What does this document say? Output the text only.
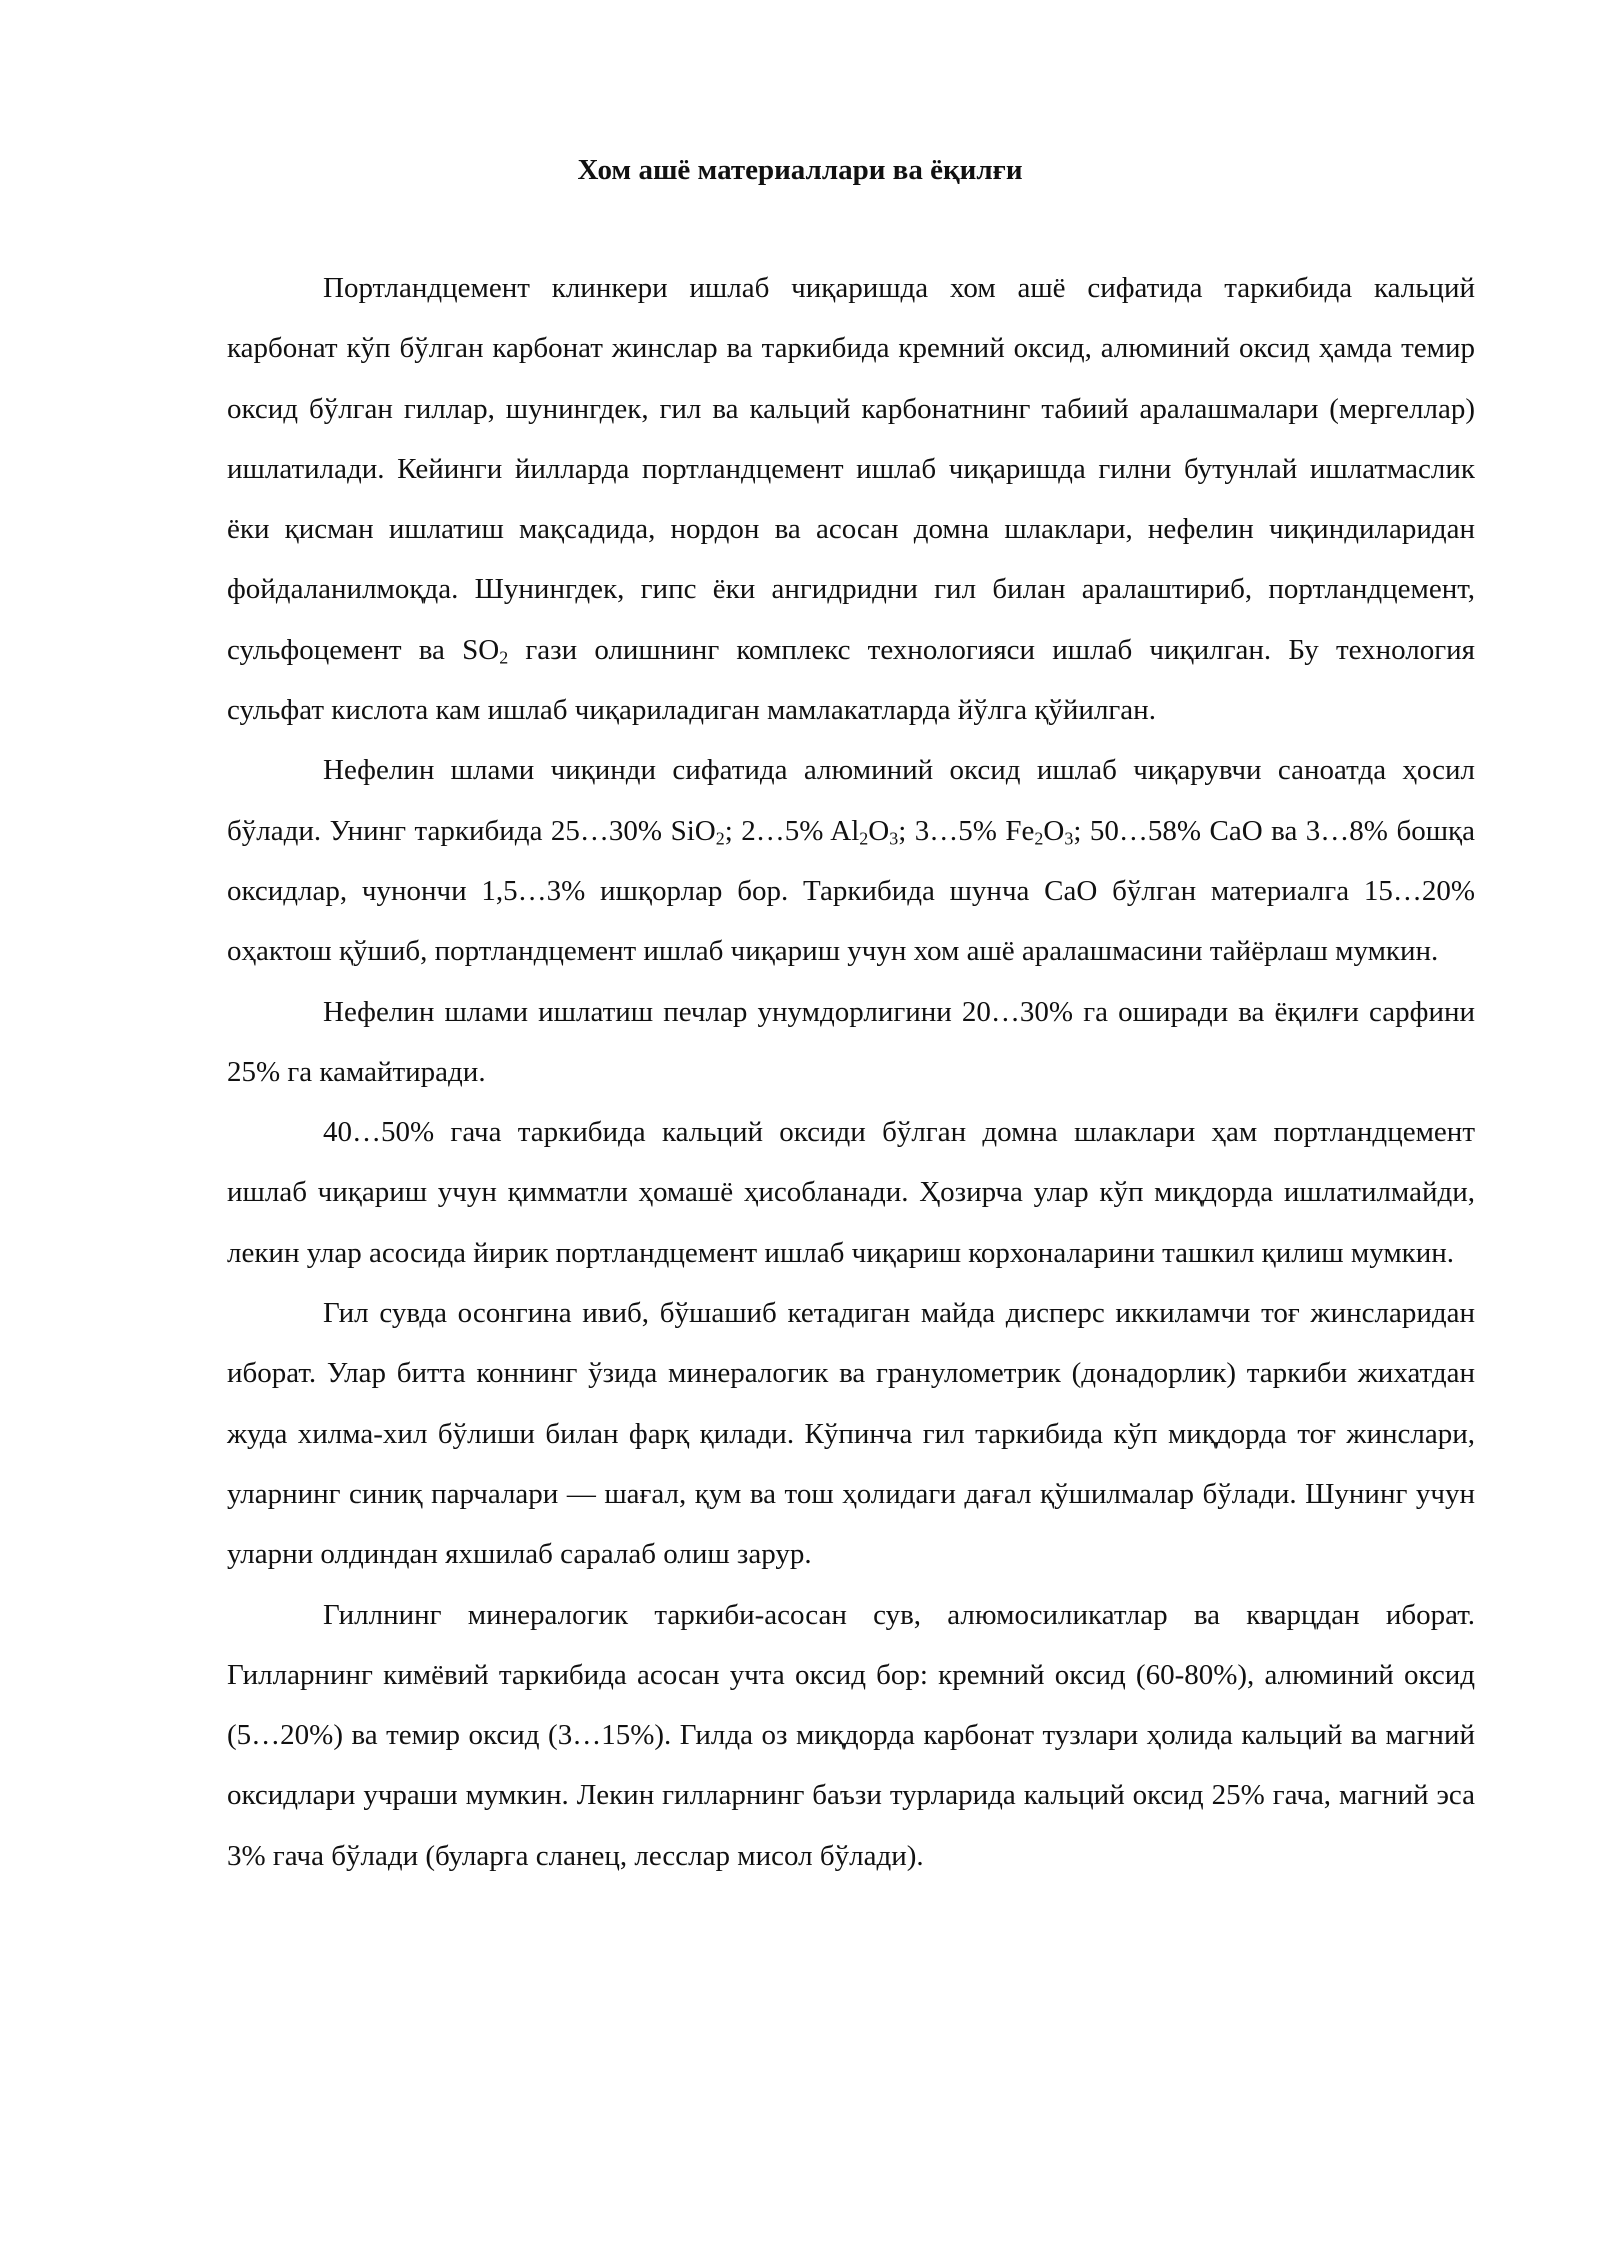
Хом ашё материаллари ва ёқилғи

Портландцемент клинкери ишлаб чиқаришда хом ашё сифатида таркибида кальций карбонат кўп бўлган карбонат жинслар ва таркибида кремний оксид, алюминий оксид ҳамда темир оксид бўлган гиллар, шунингдек, гил ва кальций карбонатнинг табиий аралашмалари (мергеллар) ишлатилади. Кейинги йилларда портландцемент ишлаб чиқаришда гилни бутунлай ишлатмаслик ёки қисман ишлатиш мақсадида, нордон ва асосан домна шлаклари, нефелин чиқиндиларидан фойдаланилмоқда. Шунингдек, гипс ёки ангидридни гил билан аралаштириб, портландцемент, сульфоцемент ва $SO_2$ гази олишнинг комплекс технологияси ишлаб чиқилган. Бу технология сульфат кислота кам ишлаб чиқариладиган мамлакатларда йўлга қўйилган.

Нефелин шлами чиқинди сифатида алюминий оксид ишлаб чиқарувчи саноатда ҳосил бўлади. Унинг таркибида 25…30% SiO$_2$; 2…5% $Al_2O_3$; 3…5% $Fe_2O_3$; 50…58% CaO ва 3…8% бошқа оксидлар, чунончи 1,5…3% ишқорлар бор. Таркибида шунча CaO бўлган материалга 15…20% оҳактош қўшиб, портландцемент ишлаб чиқариш учун хом ашё аралашмасини тайёрлаш мумкин.

Нефелин шлами ишлатиш печлар унумдорлигини 20…30% га оширади ва ёқилғи сарфини 25% га камайтиради.

40…50% гача таркибида кальций оксиди бўлган домна шлаклари ҳам портландцемент ишлаб чиқариш учун қимматли ҳомашё ҳисобланади. Ҳозирча улар кўп миқдорда ишлатилмайди, лекин улар асосида йирик портландцемент ишлаб чиқариш корхоналарини ташкил қилиш мумкин.

Гил сувда осонгина ивиб, бўшашиб кетадиган майда дисперс иккиламчи тоғ жинсларидан иборат. Улар битта коннинг ўзида минералогик ва гранулометрик (донадорлик) таркиби жихатдан жуда хилма-хил бўлиши билан фарқ қилади. Кўпинча гил таркибида кўп миқдорда тоғ жинслари, уларнинг синиқ парчалари — шағал, қум ва тош ҳолидаги дағал қўшилмалар бўлади. Шунинг учун уларни олдиндан яхшилаб саралаб олиш зарур.

Гиллнинг минералогик таркиби-асосан сув, алюмосиликатлар ва кварцдан иборат. Гилларнинг кимёвий таркибида асосан учта оксид бор: кремний оксид (60-80%), алюминий оксид (5…20%) ва темир оксид (3…15%). Гилда оз миқдорда карбонат тузлари ҳолида кальций ва магний оксидлари учраши мумкин. Лекин гилларнинг баъзи турларида кальций оксид 25% гача, магний эса 3% гача бўлади (буларга сланец, лесслар мисол бўлади).
